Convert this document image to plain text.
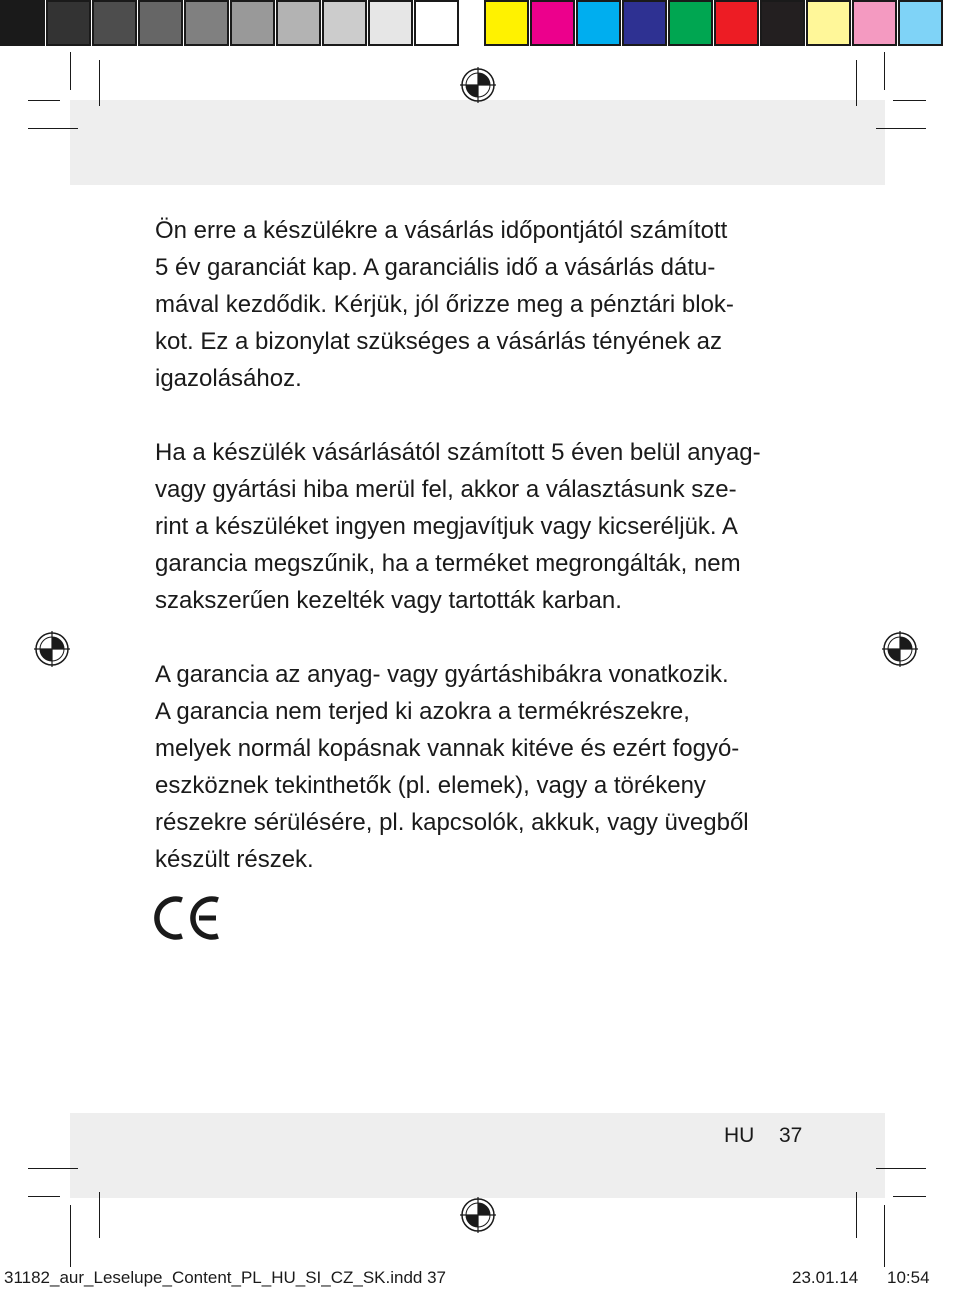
Ön erre a készülékre a vásárlás időpontjától számított
5 év garanciát kap. A garanciális idő a vásárlás dátu-
mával kezdődik. Kérjük, jól őrizze meg a pénztári blok-
kot. Ez a bizonylat szükséges a vásárlás tényének az
igazolásához.

Ha a készülék vásárlásától számított 5 éven belül anyag-
vagy gyártási hiba merül fel, akkor a választásunk sze-
rint a készüléket ingyen megjavítjuk vagy kicseréljük. A
garancia megszűnik, ha a terméket megrongálták, nem
szakszerűen kezelték vagy tartották karban.

A garancia az anyag- vagy gyártáshibákra vonatkozik.
A garancia nem terjed ki azokra a termékrészekre,
melyek normál kopásnak vannak kitéve és ezért fogyó-
eszköznek tekinthetők (pl. elemek), vagy a törékeny
részekre sérülésére, pl. kapcsolók, akkuk, vagy üvegből
készült részek.

HU 37
31182_aur_Leselupe_Content_PL_HU_SI_CZ_SK.indd 37	23.01.14 10:54
